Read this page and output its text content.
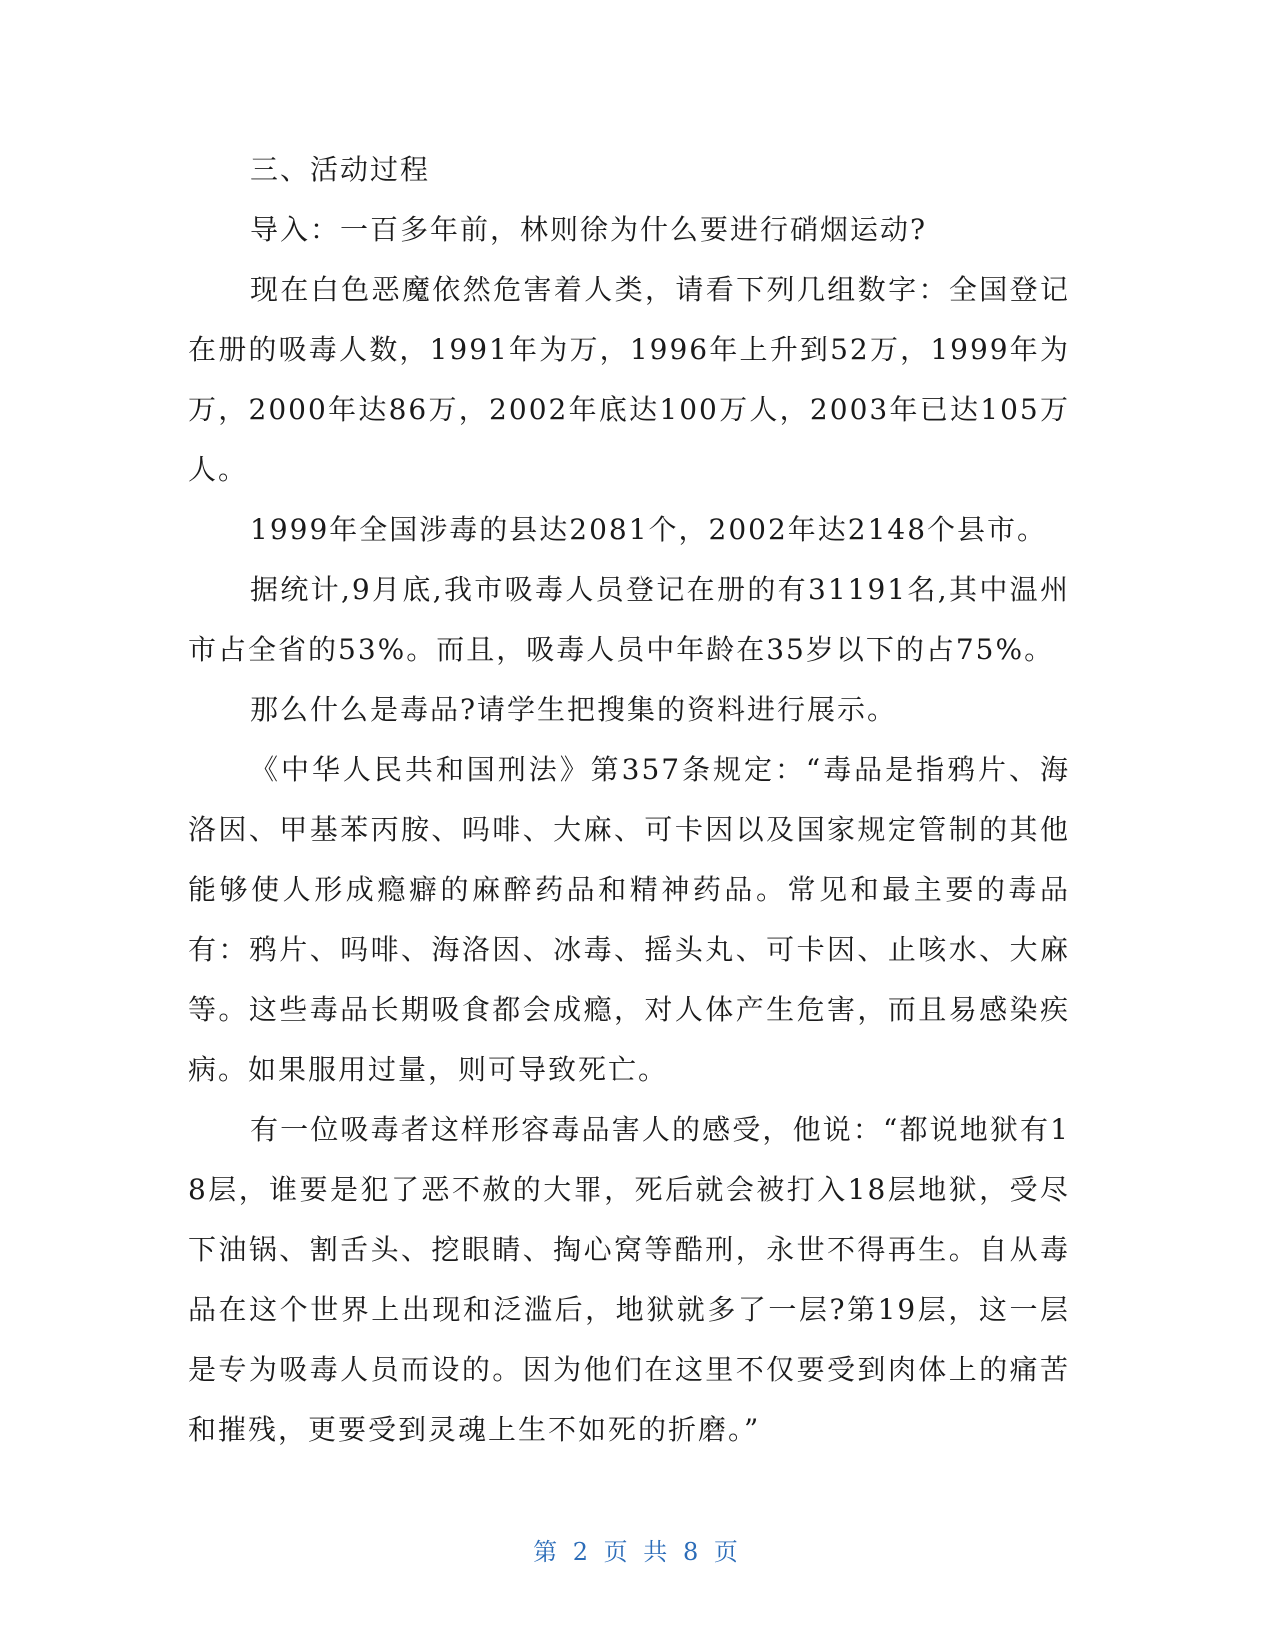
三、活动过程

导入：一百多年前，林则徐为什么要进行硝烟运动?

现在白色恶魔依然危害着人类，请看下列几组数字：全国登记在册的吸毒人数，1991年为万，1996年上升到52万，1999年为万，2000年达86万，2002年底达100万人，2003年已达105万人。

1999年全国涉毒的县达2081个，2002年达2148个县市。

据统计,9月底,我市吸毒人员登记在册的有31191名,其中温州市占全省的53%。而且，吸毒人员中年龄在35岁以下的占75%。

那么什么是毒品?请学生把搜集的资料进行展示。

《中华人民共和国刑法》第357条规定：“毒品是指鸦片、海洛因、甲基苯丙胺、吗啡、大麻、可卡因以及国家规定管制的其他能够使人形成瘾癖的麻醉药品和精神药品。常见和最主要的毒品有：鸦片、吗啡、海洛因、冰毒、摇头丸、可卡因、止咳水、大麻等。这些毒品长期吸食都会成瘾，对人体产生危害，而且易感染疾病。如果服用过量，则可导致死亡。

有一位吸毒者这样形容毒品害人的感受，他说：“都说地狱有18层，谁要是犯了恶不赦的大罪，死后就会被打入18层地狱，受尽下油锅、割舌头、挖眼睛、掏心窝等酷刑，永世不得再生。自从毒品在这个世界上出现和泛滥后，地狱就多了一层?第19层，这一层是专为吸毒人员而设的。因为他们在这里不仅要受到肉体上的痛苦和摧残，更要受到灵魂上生不如死的折磨。”

第 2 页 共 8 页
